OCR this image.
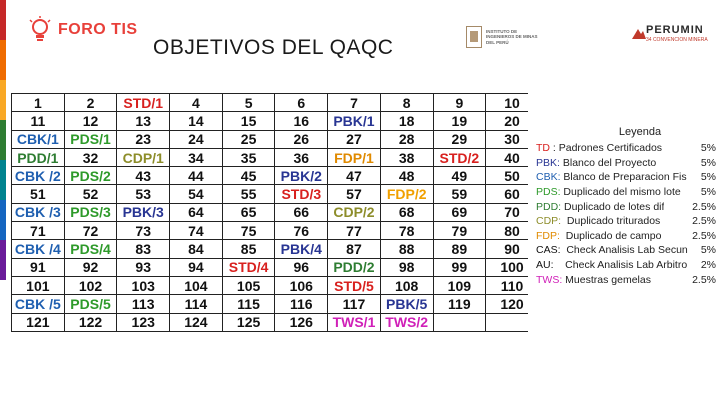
FORO TIS
OBJETIVOS DEL QAQC
INSTITUTO DE INGENIEROS DE MINAS DEL PERÚ
PERUMIN
34 CONVENCION MINERA
1	2	STD/1	4	5	6	7	8	9	10
11	12	13	14	15	16	PBK/1	18	19	20
CBK/1	PDS/1	23	24	25	26	27	28	29	30
PDD/1	32	CDP/1	34	35	36	FDP/1	38	STD/2	40
CBK /2	PDS/2	43	44	45	PBK/2	47	48	49	50
51	52	53	54	55	STD/3	57	FDP/2	59	60
CBK /3	PDS/3	PBK/3	64	65	66	CDP/2	68	69	70
71	72	73	74	75	76	77	78	79	80
CBK /4	PDS/4	83	84	85	PBK/4	87	88	89	90
91	92	93	94	STD/4	96	PDD/2	98	99	100
101	102	103	104	105	106	STD/5	108	109	110
CBK /5	PDS/5	113	114	115	116	117	PBK/5	119	120
121	122	123	124	125	126	TWS/1	TWS/2		
Leyenda
TD : Padrones Certificados	5%
PBK: Blanco del Proyecto	5%
CBK: Blanco de Preparacion Fis 5%
PDS: Duplicado del mismo lote 5%
PDD: Duplicado de lotes dif	2.5%
CDP:  Duplicado triturados	2.5%
FDP:  Duplicado de campo	2.5%
CAS:  Check Analisis Lab Secun 5%
AU:    Check Analisis Lab Arbitro 2%
TWS: Muestras gemelas	2.5%
